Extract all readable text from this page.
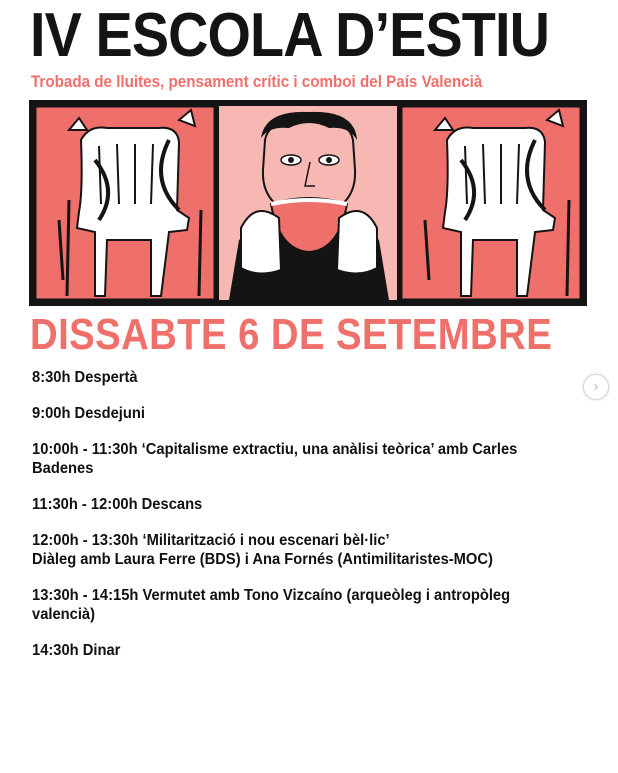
IV ESCOLA D’ESTIU
Trobada de lluites, pensament crític i comboi del País Valencià
DISSABTE 6 DE SETEMBRE
8:30h Despertà
9:00h Desdejuni
10:00h - 11:30h ‘Capitalisme extractiu, una anàlisi teòrica’ amb Carles
Badenes
11:30h - 12:00h Descans
12:00h - 13:30h ‘Militarització i nou escenari bèl·lic’
Diàleg amb Laura Ferre (BDS) i Ana Fornés (Antimilitaristes-MOC)
13:30h - 14:15h Vermutet amb Tono Vizcaíno (arqueòleg i antropòleg
valencià)
14:30h Dinar
›
